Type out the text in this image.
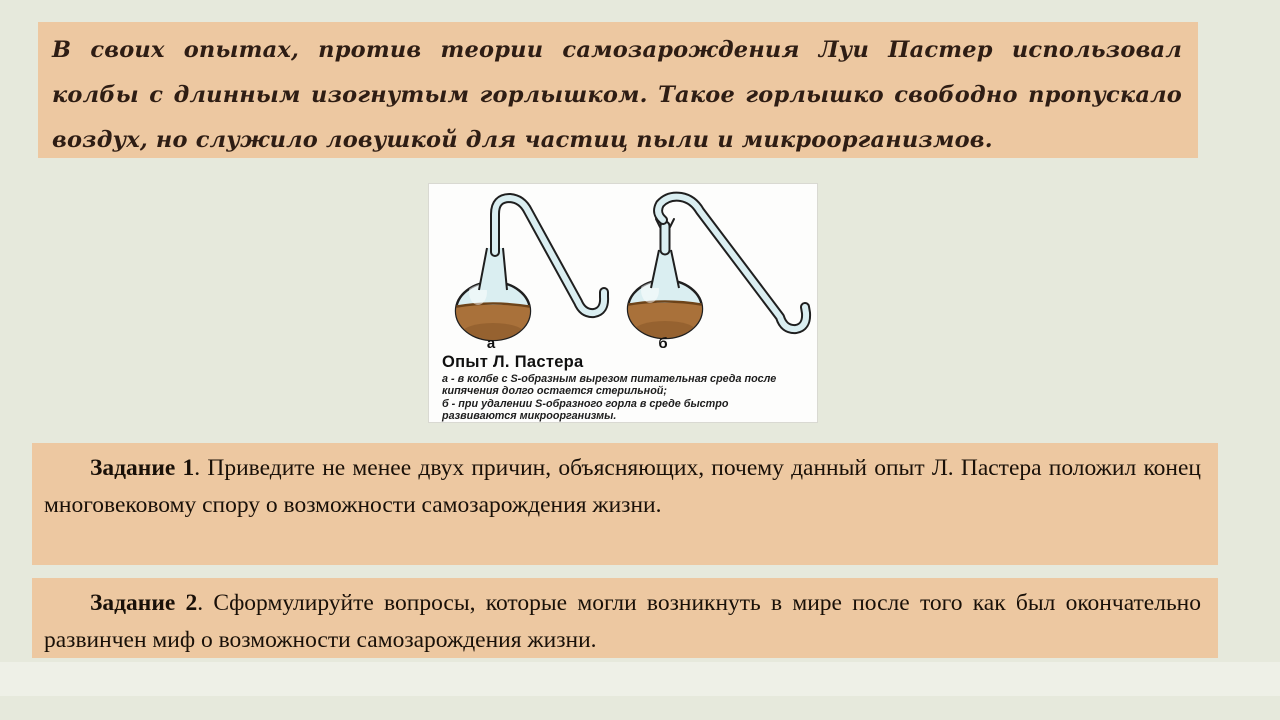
В своих опытах, против теории самозарождения Луи Пастер использовал колбы с длинным изогнутым горлышком. Такое горлышко свободно пропускало воздух, но служило ловушкой для частиц пыли и микроорганизмов.
а	б
Опыт Л. Пастера
а - в колбе с S-образным вырезом питательная среда после кипячения долго остается стерильной;
б - при удалении S-образного горла в среде быстро развиваются микроорганизмы.

Задание 1. Приведите не менее двух причин, объясняющих, почему данный опыт Л. Пастера положил конец многовековому спору о возможности самозарождения жизни.

Задание 2. Сформулируйте вопросы, которые могли возникнуть в мире после того как был окончательно развинчен миф о возможности самозарождения жизни.
